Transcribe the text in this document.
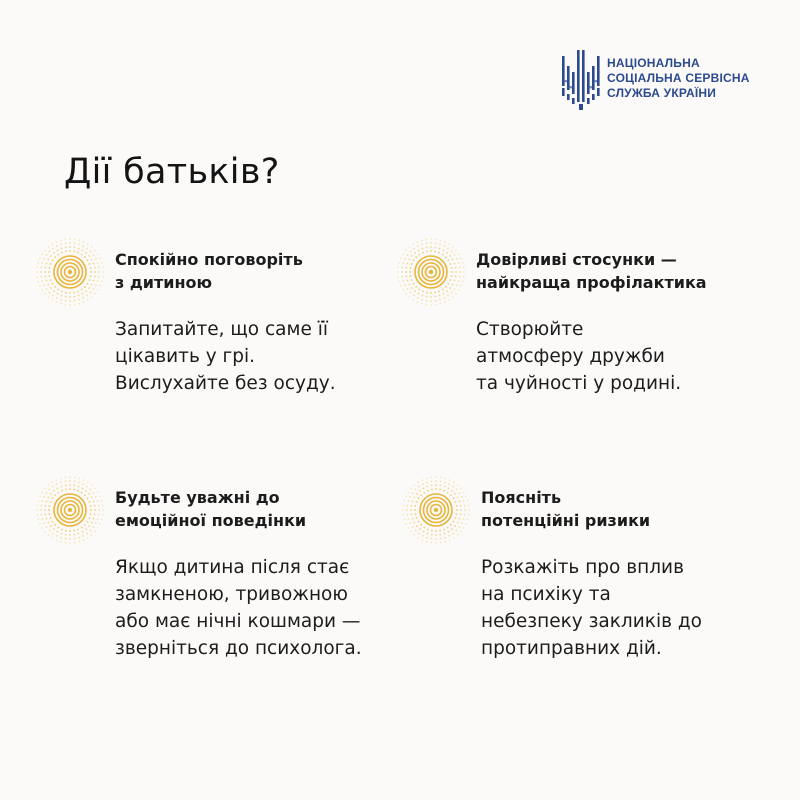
НАЦІОНАЛЬНА
СОЦІАЛЬНА СЕРВІСНА
СЛУЖБА УКРАЇНИ
Дії батьків?
Спокійно поговоріть
з дитиною

Запитайте, що саме її
цікавить у грі.
Вислухайте без осуду.

Довірливі стосунки —
найкраща профілактика

Створюйте
атмосферу дружби
та чуйності у родині.

Будьте уважні до
емоційної поведінки

Якщо дитина після стає
замкненою, тривожною
або має нічні кошмари —
зверніться до психолога.

Поясніть
потенційні ризики

Розкажіть про вплив
на психіку та
небезпеку закликів до
протиправних дій.
